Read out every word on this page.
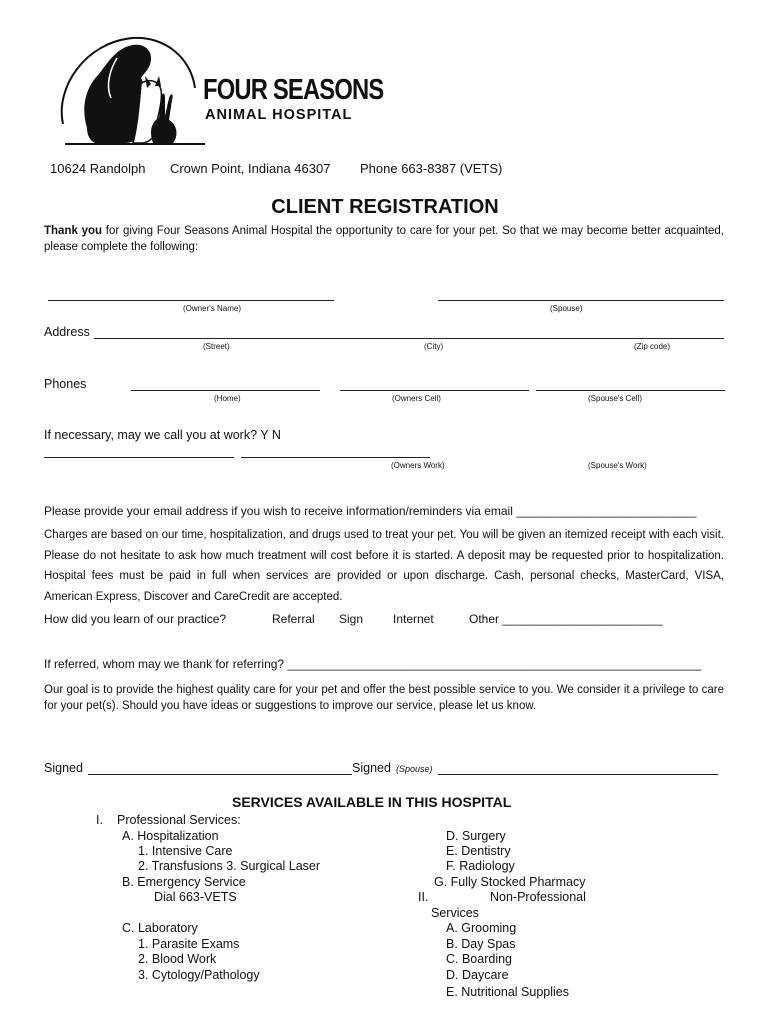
FOUR SEASONS
ANIMAL HOSPITAL
10624 Randolph Crown Point, Indiana 46307 Phone 663-8387 (VETS)
CLIENT REGISTRATION
Thank you for giving Four Seasons Animal Hospital the opportunity to care for your pet. So that we may become better acquainted, please complete the following:
(Owner's Name)	(Spouse)
Address
(Street)	(City)	(Zip code)
Phones
(Home)	(Owners Cell)	(Spouse's Cell)
If necessary, may we call you at work? Y N
(Owners Work)	(Spouse's Work)
Please provide your email address if you wish to receive information/reminders via email ___________________________
Charges are based on our time, hospitalization, and drugs used to treat your pet. You will be given an itemized receipt with each visit. Please do not hesitate to ask how much treatment will cost before it is started. A deposit may be requested prior to hospitalization. Hospital fees must be paid in full when services are provided or upon discharge. Cash, personal checks, MasterCard, VISA, American Express, Discover and CareCredit are accepted.
How did you learn of our practice?	Referral Sign Internet	Other ________________________
If referred, whom may we thank for referring? ______________________________________________________________
Our goal is to provide the highest quality care for your pet and offer the best possible service to you. We consider it a privilege to care for your pet(s). Should you have ideas or suggestions to improve our service, please let us know.
Signed	Signed (Spouse)
SERVICES AVAILABLE IN THIS HOSPITAL
I. Professional Services:
A. Hospitalization
1. Intensive Care
2. Transfusions 3. Surgical Laser
B. Emergency Service
Dial 663-VETS
C. Laboratory
1. Parasite Exams
2. Blood Work
3. Cytology/Pathology
D. Surgery
E. Dentistry
F. Radiology
G. Fully Stocked Pharmacy
II.	Non-Professional
Services
A. Grooming
B. Day Spas
C. Boarding
D. Daycare
E. Nutritional Supplies
